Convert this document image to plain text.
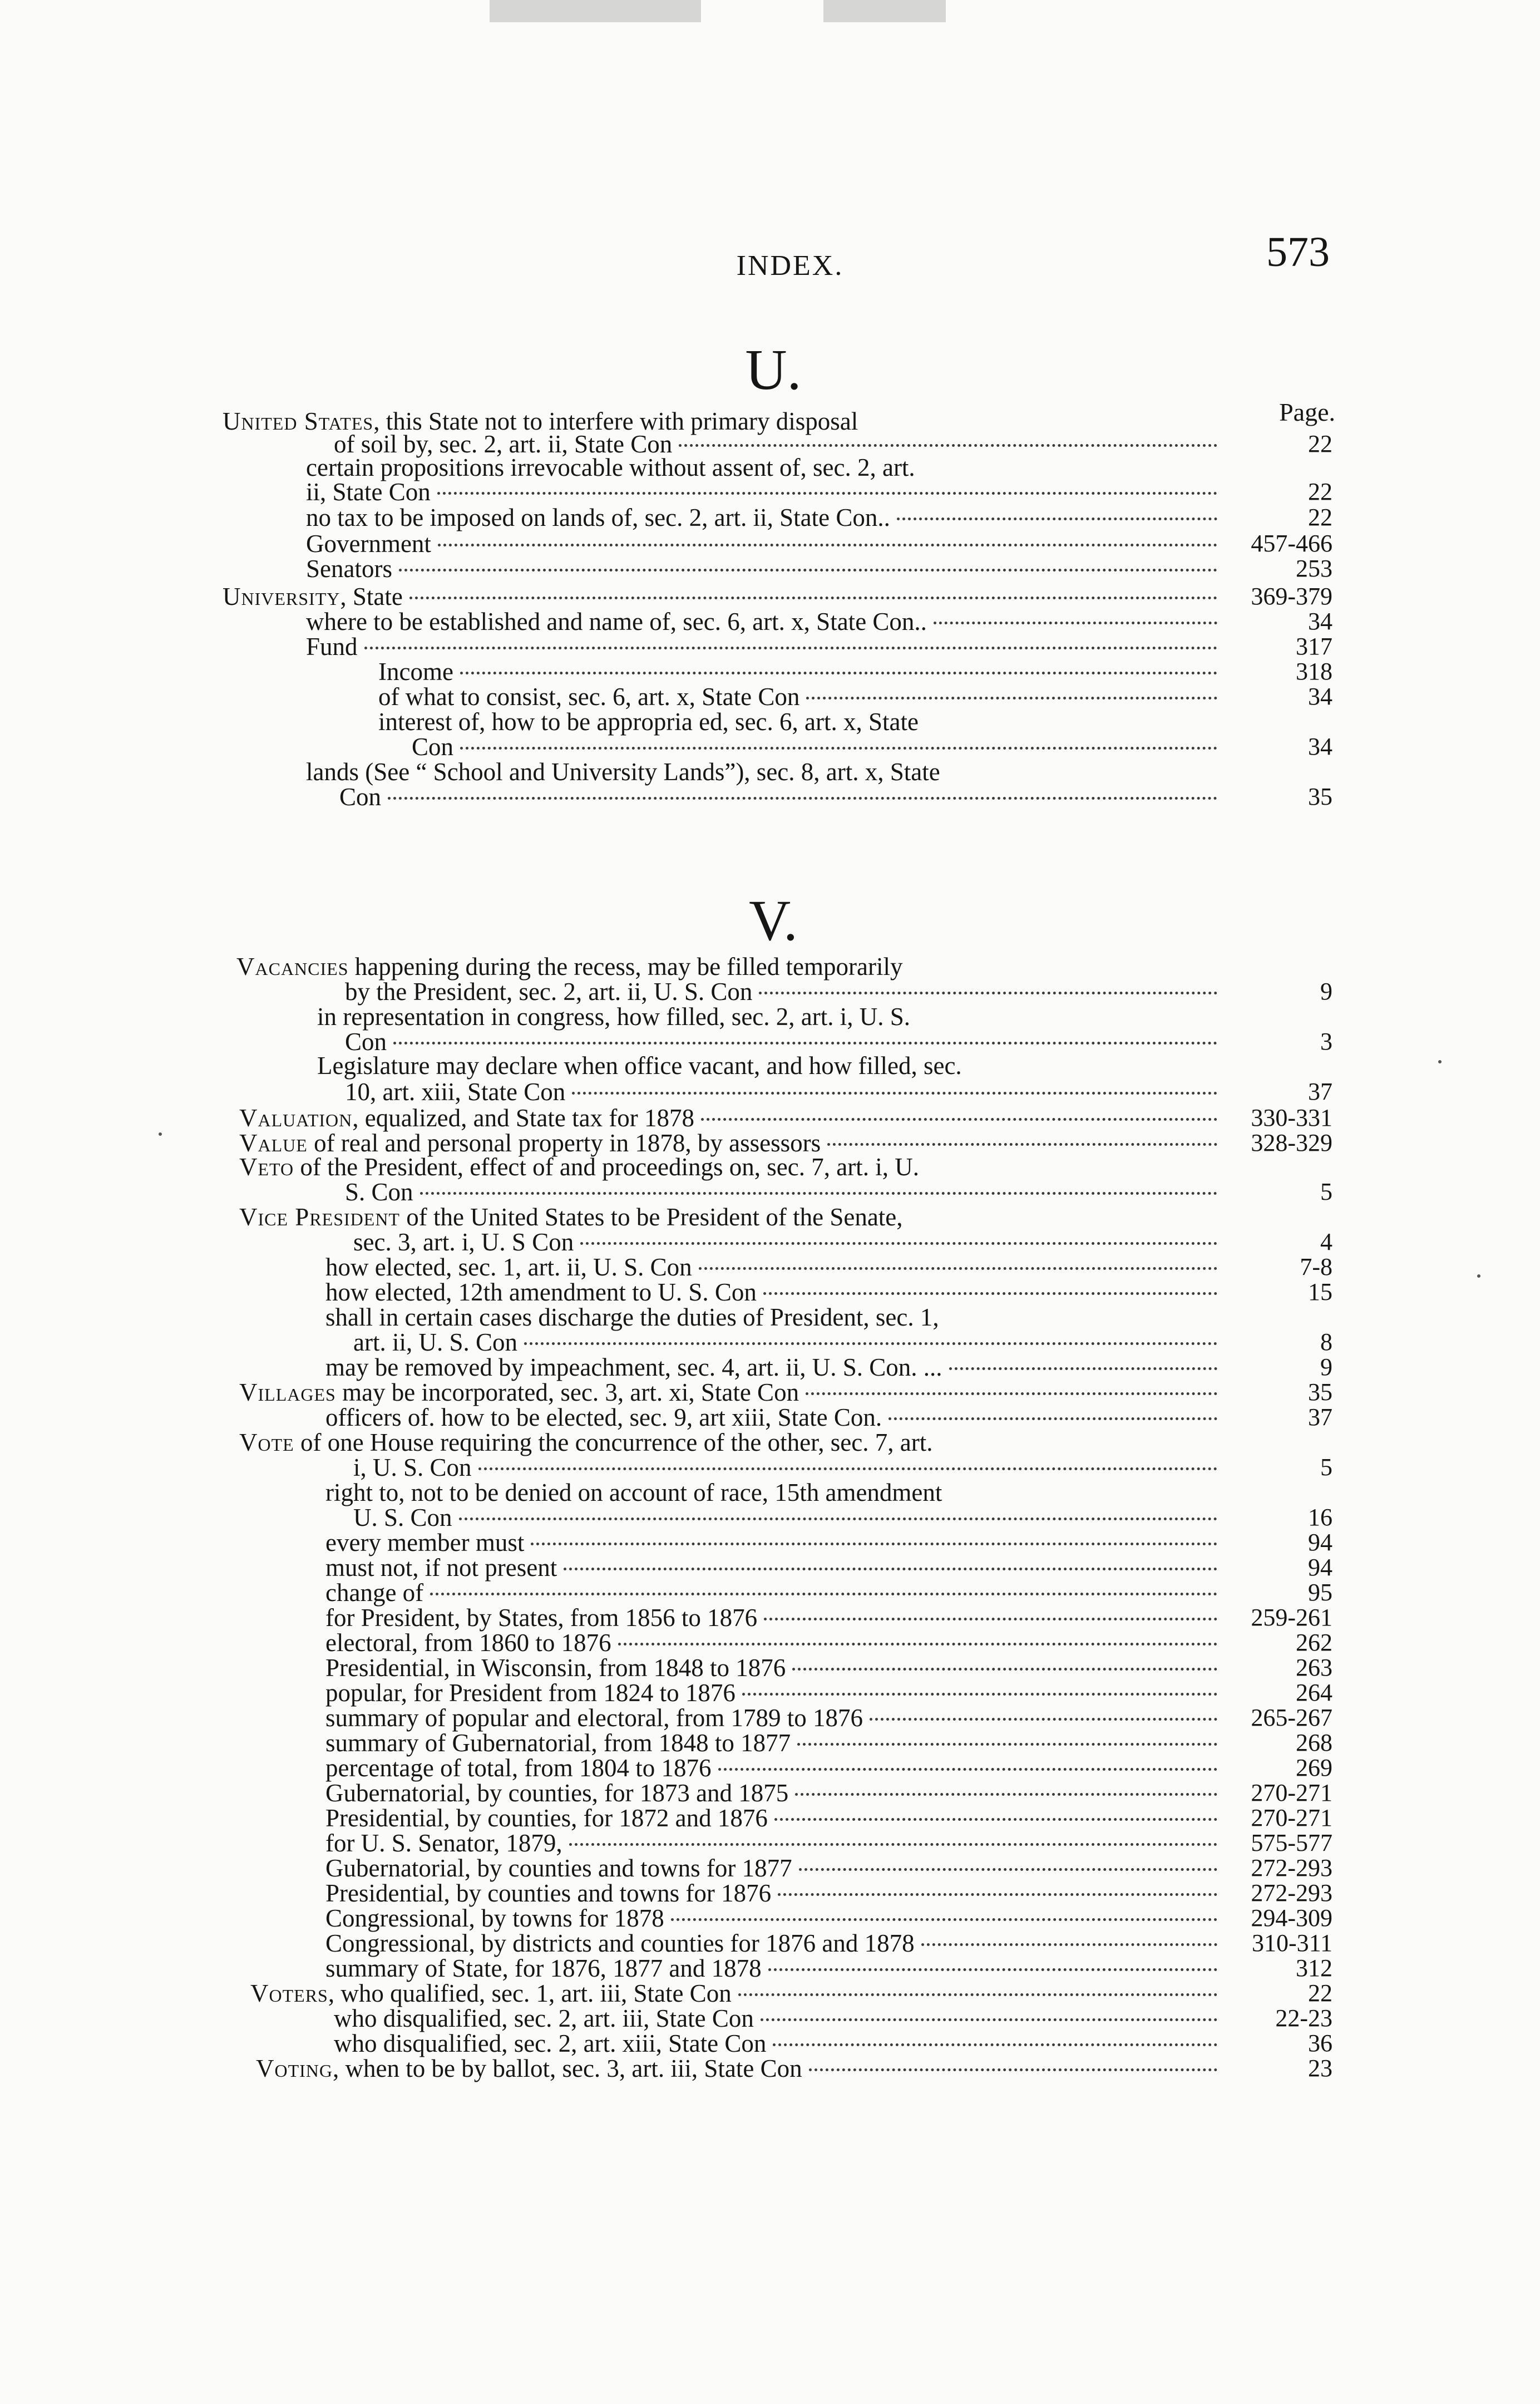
INDEX.	573
U.
Page.
V.
United States, this State not to interfere with primary disposal
22
of soil by, sec. 2, art. ii, State Con
certain propositions irrevocable without assent of, sec. 2, art.
22
ii, State Con
22
no tax to be imposed on lands of, sec. 2, art. ii, State Con..
457-466
Government
253
Senators
369-379
University, State
34
where to be established and name of, sec. 6, art. x, State Con..
317
Fund
318
Income
34
of what to consist, sec. 6, art. x, State Con
interest of, how to be appropria ed, sec. 6, art. x, State
34
Con
lands (See “ School and University Lands”), sec. 8, art. x, State
35
Con
Vacancies happening during the recess, may be filled temporarily
9
by the President, sec. 2, art. ii, U. S. Con
in representation in congress, how filled, sec. 2, art. i, U. S.
3
Con
Legislature may declare when office vacant, and how filled, sec.
37
10, art. xiii, State Con
330-331
Valuation, equalized, and State tax for 1878
328-329
Value of real and personal property in 1878, by assessors
Veto of the President, effect of and proceedings on, sec. 7, art. i, U.
5
S. Con
Vice President of the United States to be President of the Senate,
4
sec. 3, art. i, U. S Con
7-8
how elected, sec. 1, art. ii, U. S. Con
15
how elected, 12th amendment to U. S. Con
shall in certain cases discharge the duties of President, sec. 1,
8
art. ii, U. S. Con
9
may be removed by impeachment, sec. 4, art. ii, U. S. Con. ...
35
Villages may be incorporated, sec. 3, art. xi, State Con
37
officers of. how to be elected, sec. 9, art xiii, State Con.
Vote of one House requiring the concurrence of the other, sec. 7, art.
5
i, U. S. Con
right to, not to be denied on account of race, 15th amendment
16
U. S. Con
94
every member must
94
must not, if not present
95
change of
259-261
for President, by States, from 1856 to 1876
262
electoral, from 1860 to 1876
263
Presidential, in Wisconsin, from 1848 to 1876
264
popular, for President from 1824 to 1876
265-267
summary of popular and electoral, from 1789 to 1876
268
summary of Gubernatorial, from 1848 to 1877
269
percentage of total, from 1804 to 1876
270-271
Gubernatorial, by counties, for 1873 and 1875
270-271
Presidential, by counties, for 1872 and 1876
575-577
for U. S. Senator, 1879,
272-293
Gubernatorial, by counties and towns for 1877
272-293
Presidential, by counties and towns for 1876
294-309
Congressional, by towns for 1878
310-311
Congressional, by districts and counties for 1876 and 1878
312
summary of State, for 1876, 1877 and 1878
22
Voters, who qualified, sec. 1, art. iii, State Con
22-23
who disqualified, sec. 2, art. iii, State Con
36
who disqualified, sec. 2, art. xiii, State Con
23
Voting, when to be by ballot, sec. 3, art. iii, State Con
